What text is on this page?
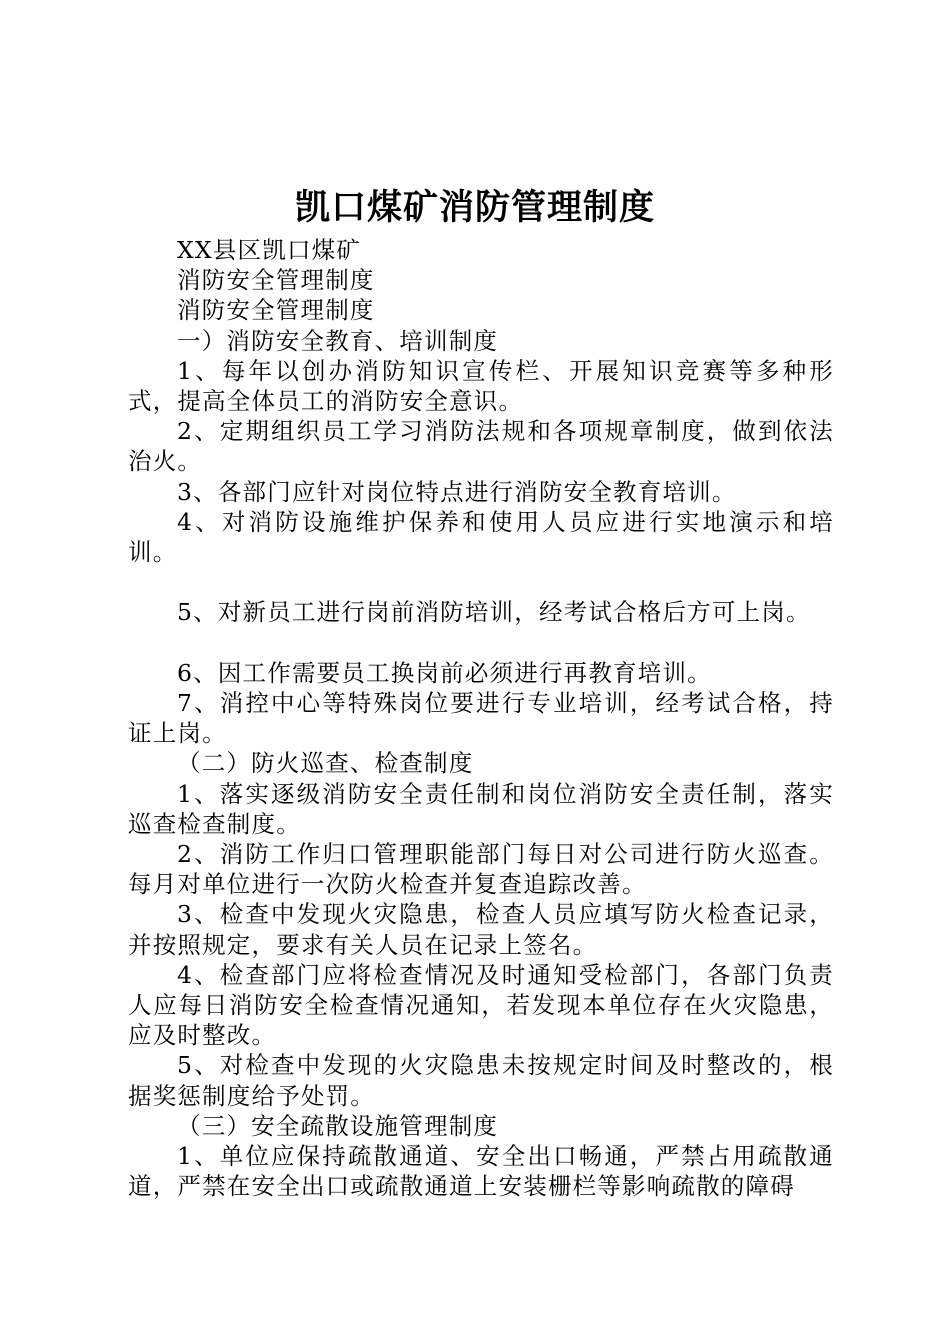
凯口煤矿消防管理制度

XX县区凯口煤矿

消防安全管理制度

消防安全管理制度

一）消防安全教育、培训制度

1、每年以创办消防知识宣传栏、开展知识竞赛等多种形式，提高全体员工的消防安全意识。

2、定期组织员工学习消防法规和各项规章制度，做到依法治火。

3、各部门应针对岗位特点进行消防安全教育培训。

4、对消防设施维护保养和使用人员应进行实地演示和培训。

5、对新员工进行岗前消防培训，经考试合格后方可上岗。

6、因工作需要员工换岗前必须进行再教育培训。

7、消控中心等特殊岗位要进行专业培训，经考试合格，持证上岗。

（二）防火巡查、检查制度

1、落实逐级消防安全责任制和岗位消防安全责任制，落实巡查检查制度。

2、消防工作归口管理职能部门每日对公司进行防火巡查。每月对单位进行一次防火检查并复查追踪改善。

3、检查中发现火灾隐患，检查人员应填写防火检查记录，并按照规定，要求有关人员在记录上签名。

4、检查部门应将检查情况及时通知受检部门，各部门负责人应每日消防安全检查情况通知，若发现本单位存在火灾隐患，应及时整改。

5、对检查中发现的火灾隐患未按规定时间及时整改的，根据奖惩制度给予处罚。

（三）安全疏散设施管理制度

1、单位应保持疏散通道、安全出口畅通，严禁占用疏散通道，严禁在安全出口或疏散通道上安装栅栏等影响疏散的障碍
